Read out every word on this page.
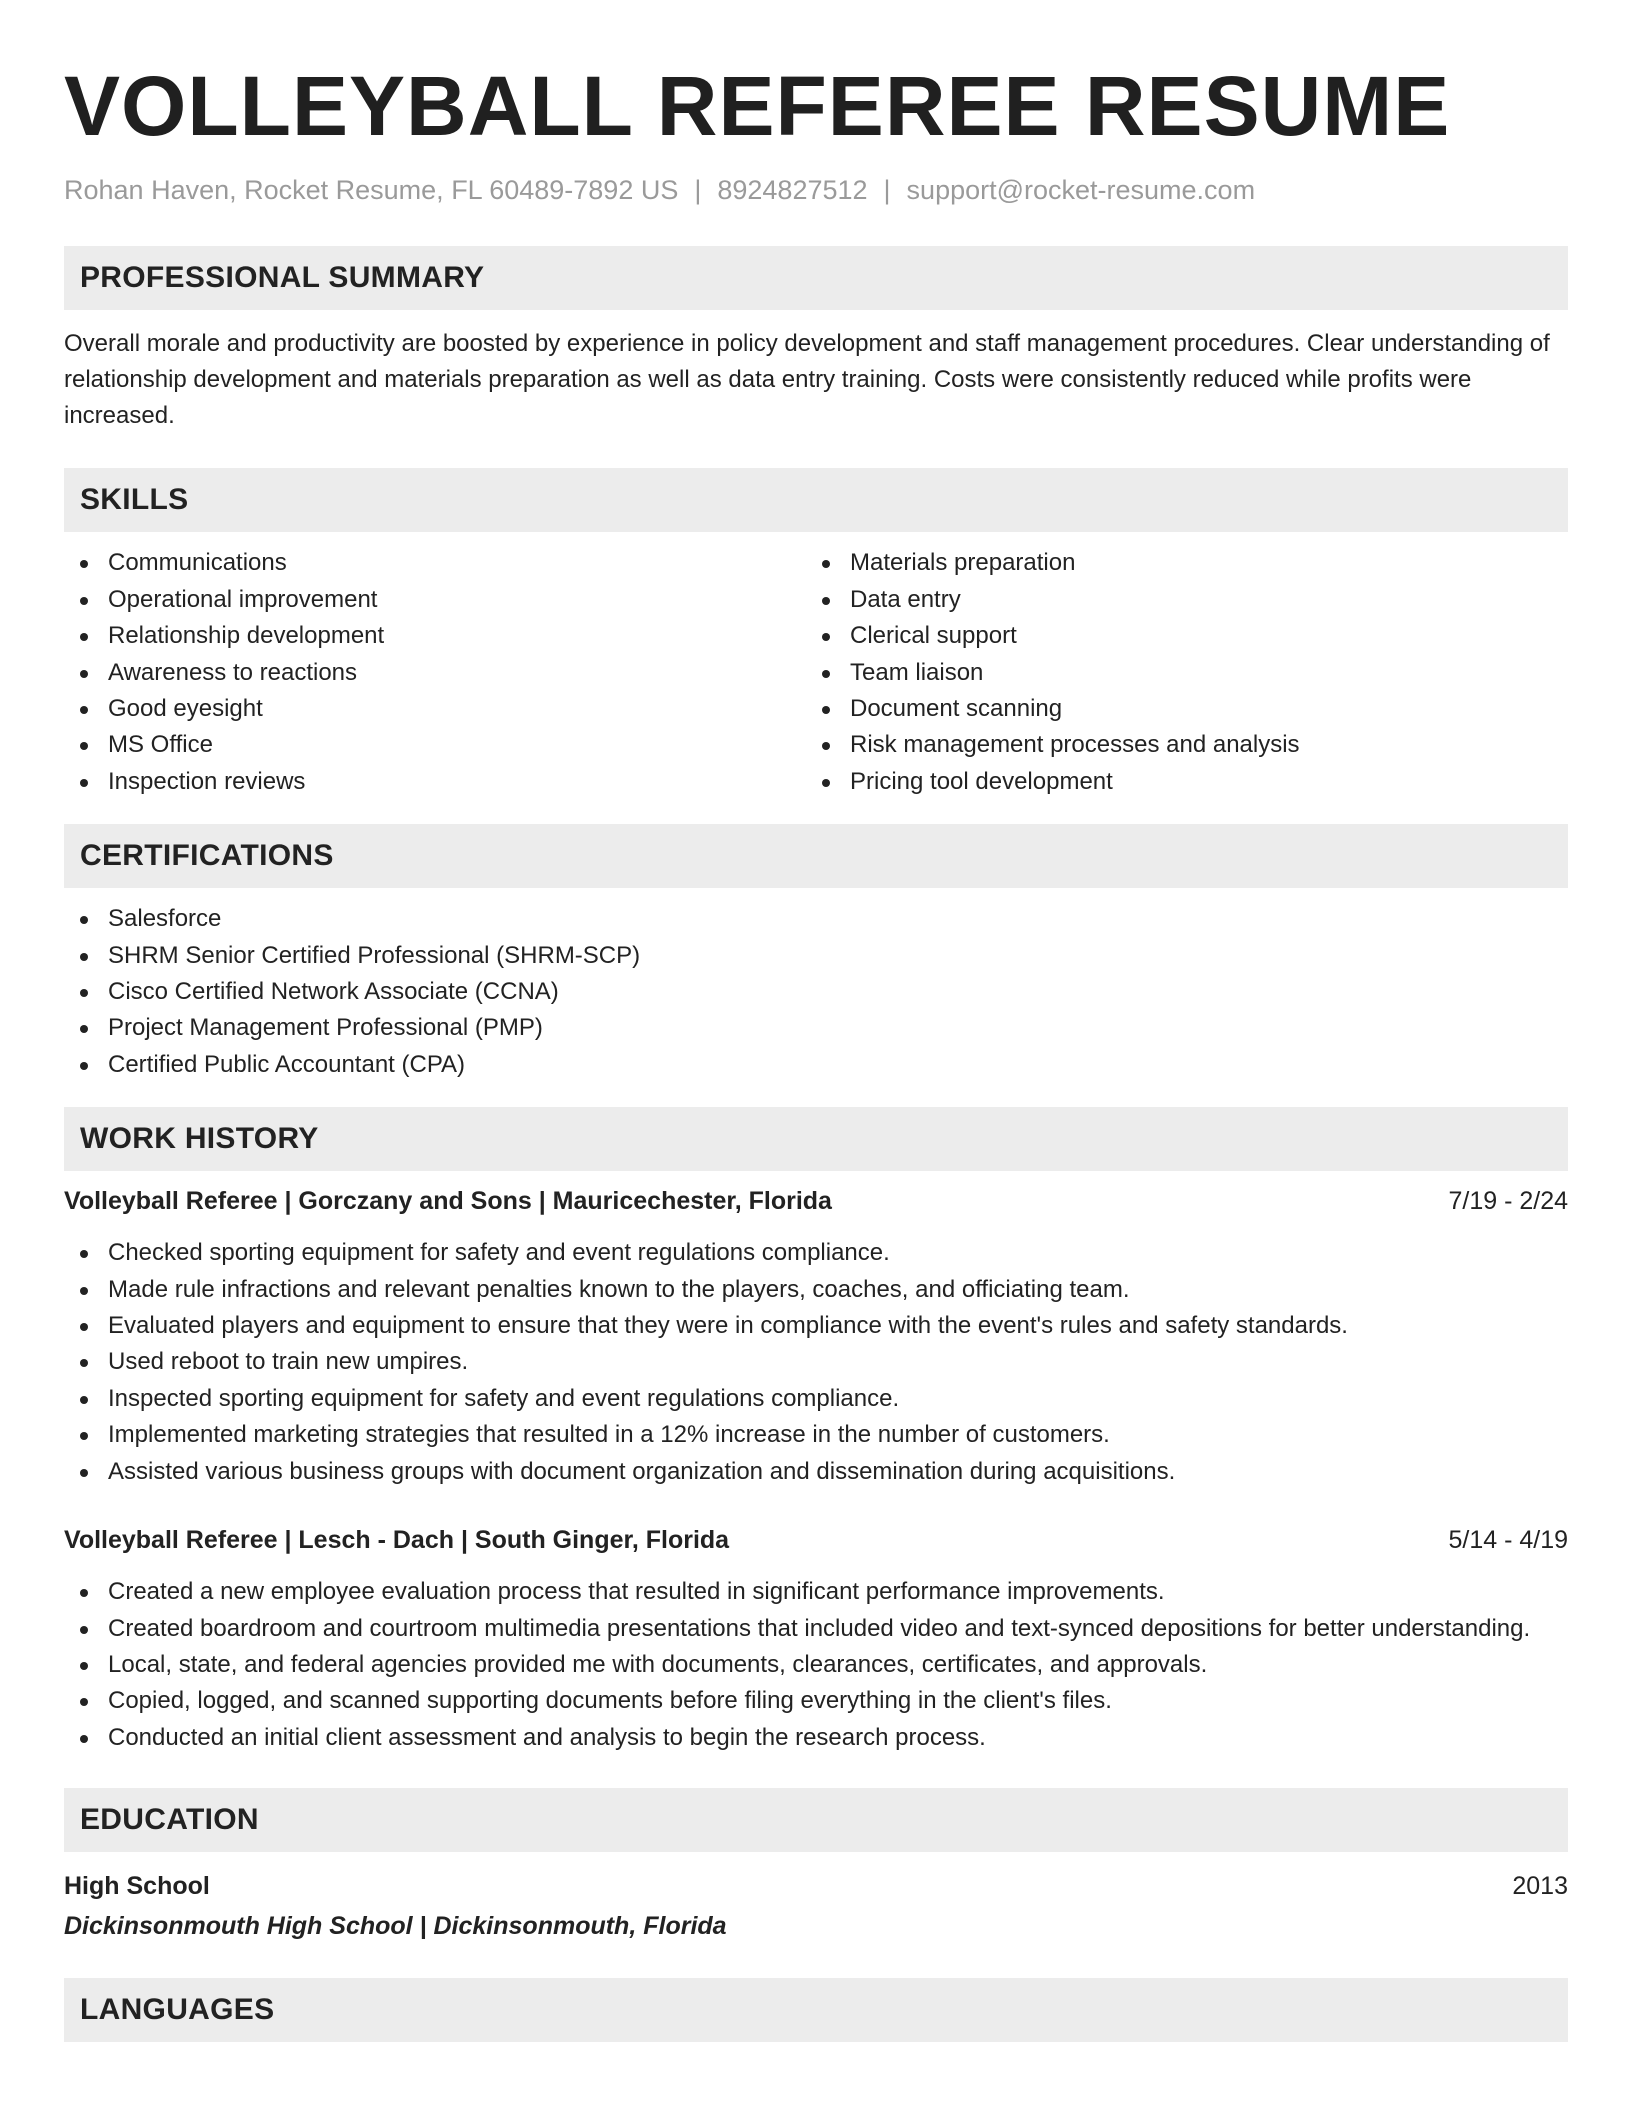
VOLLEYBALL REFEREE RESUME
Rohan Haven, Rocket Resume, FL 60489-7892 US | 8924827512 | support@rocket-resume.com
PROFESSIONAL SUMMARY

Overall morale and productivity are boosted by experience in policy development and staff management procedures. Clear understanding of relationship development and materials preparation as well as data entry training. Costs were consistently reduced while profits were increased.

SKILLS
Communications
Operational improvement
Relationship development
Awareness to reactions
Good eyesight
MS Office
Inspection reviews
Materials preparation
Data entry
Clerical support
Team liaison
Document scanning
Risk management processes and analysis
Pricing tool development
CERTIFICATIONS
Salesforce
SHRM Senior Certified Professional (SHRM-SCP)
Cisco Certified Network Associate (CCNA)
Project Management Professional (PMP)
Certified Public Accountant (CPA)
WORK HISTORY
Volleyball Referee | Gorczany and Sons | Mauricechester, Florida	7/19 - 2/24
Checked sporting equipment for safety and event regulations compliance.
Made rule infractions and relevant penalties known to the players, coaches, and officiating team.
Evaluated players and equipment to ensure that they were in compliance with the event's rules and safety standards.
Used reboot to train new umpires.
Inspected sporting equipment for safety and event regulations compliance.
Implemented marketing strategies that resulted in a 12% increase in the number of customers.
Assisted various business groups with document organization and dissemination during acquisitions.
Volleyball Referee | Lesch - Dach | South Ginger, Florida	5/14 - 4/19
Created a new employee evaluation process that resulted in significant performance improvements.
Created boardroom and courtroom multimedia presentations that included video and text-synced depositions for better understanding.
Local, state, and federal agencies provided me with documents, clearances, certificates, and approvals.
Copied, logged, and scanned supporting documents before filing everything in the client's files.
Conducted an initial client assessment and analysis to begin the research process.
EDUCATION
High School	2013
Dickinsonmouth High School | Dickinsonmouth, Florida
LANGUAGES
